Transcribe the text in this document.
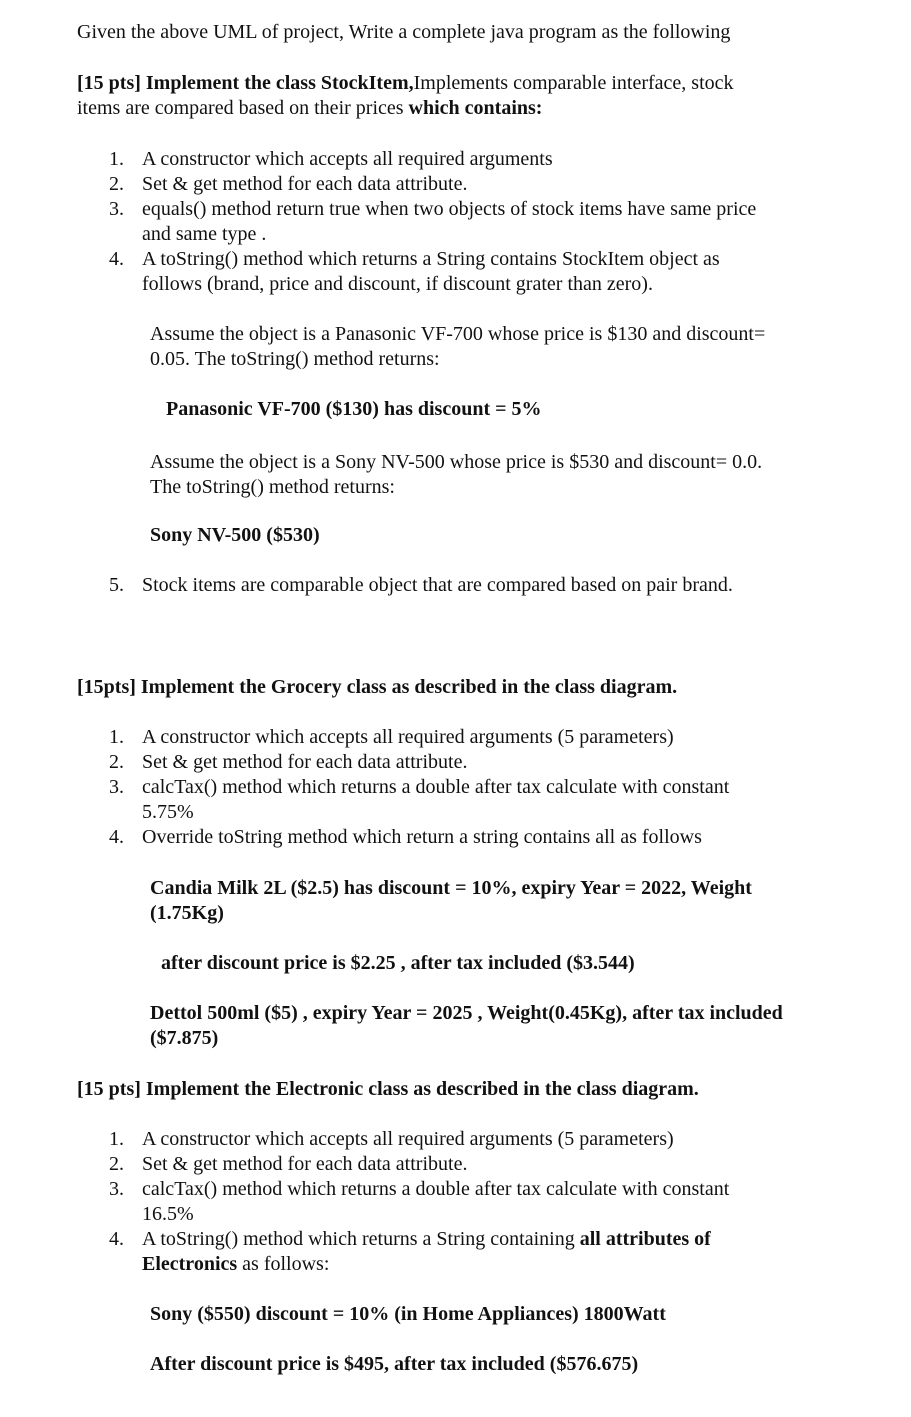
Given the above UML of project, Write a complete java program as the following
[15 pts] Implement the class StockItem,Implements comparable interface, stock
items are compared based on their prices which contains:
1. A constructor which accepts all required arguments
2. Set & get method for each data attribute.
3. equals() method return true when two objects of stock items have same price
and same type .
4. A toString() method which returns a String contains StockItem object as
follows (brand, price and discount, if discount grater than zero).
Assume the object is a Panasonic VF-700 whose price is $130 and discount=
0.05. The toString() method returns:
Panasonic VF-700 ($130) has discount = 5%
Assume the object is a Sony NV-500 whose price is $530 and discount= 0.0.
The toString() method returns:
Sony NV-500 ($530)
5. Stock items are comparable object that are compared based on pair brand.
[15pts] Implement the Grocery class as described in the class diagram.
1. A constructor which accepts all required arguments (5 parameters)
2. Set & get method for each data attribute.
3. calcTax() method which returns a double after tax calculate with constant
5.75%
4. Override toString method which return a string contains all as follows
Candia Milk 2L ($2.5) has discount = 10%, expiry Year = 2022, Weight
(1.75Kg)
after discount price is $2.25 , after tax included ($3.544)
Dettol 500ml ($5) , expiry Year = 2025 , Weight(0.45Kg), after tax included
($7.875)
[15 pts] Implement the Electronic class as described in the class diagram.
1. A constructor which accepts all required arguments (5 parameters)
2. Set & get method for each data attribute.
3. calcTax() method which returns a double after tax calculate with constant
16.5%
4. A toString() method which returns a String containing all attributes of
Electronics as follows:
Sony ($550) discount = 10% (in Home Appliances) 1800Watt
After discount price is $495, after tax included ($576.675)
